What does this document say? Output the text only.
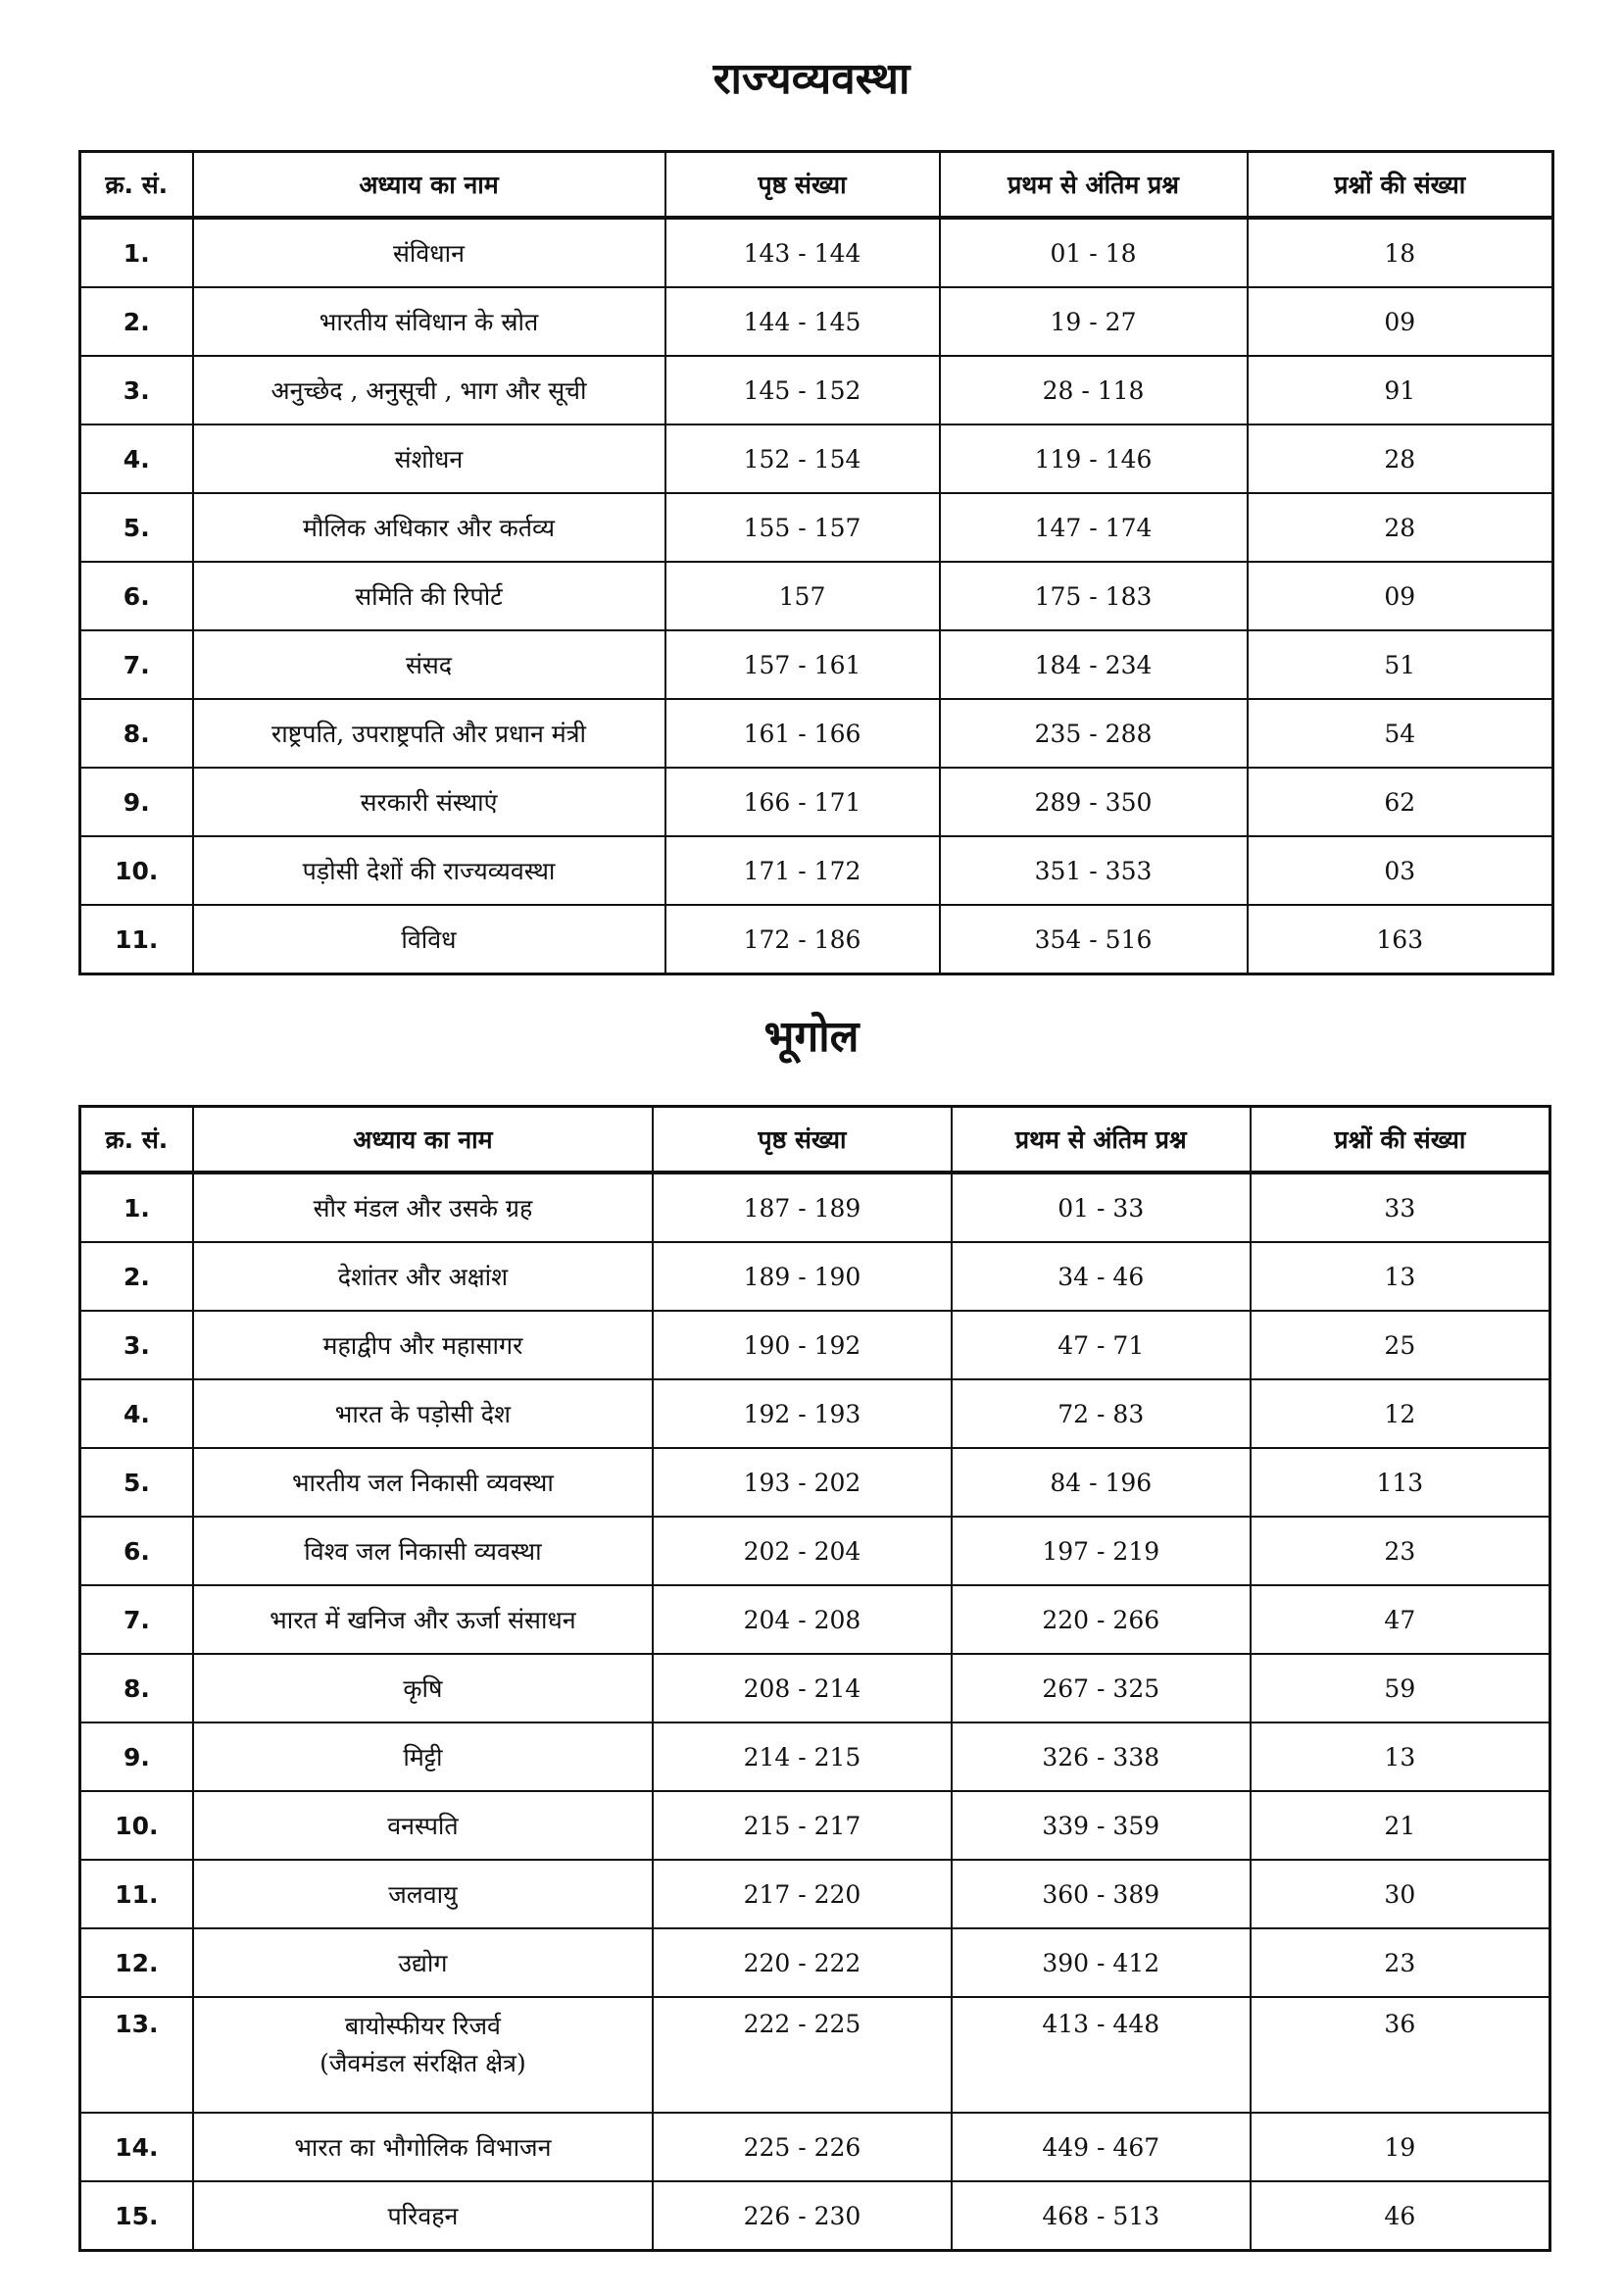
राज्यव्यवस्था
क्र. सं.	अध्याय का नाम	पृष्ठ संख्या	प्रथम से अंतिम प्रश्न	प्रश्नों की संख्या
1.	संविधान	143 - 144	01 - 18	18
2.	भारतीय संविधान के स्रोत	144 - 145	19 - 27	09
3.	अनुच्छेद , अनुसूची , भाग और सूची	145 - 152	28 - 118	91
4.	संशोधन	152 - 154	119 - 146	28
5.	मौलिक अधिकार और कर्तव्य	155 - 157	147 - 174	28
6.	समिति की रिपोर्ट	157	175 - 183	09
7.	संसद	157 - 161	184 - 234	51
8.	राष्ट्रपति, उपराष्ट्रपति और प्रधान मंत्री	161 - 166	235 - 288	54
9.	सरकारी संस्थाएं	166 - 171	289 - 350	62
10.	पड़ोसी देशों की राज्यव्यवस्था	171 - 172	351 - 353	03
11.	विविध	172 - 186	354 - 516	163
भूगोल
क्र. सं.	अध्याय का नाम	पृष्ठ संख्या	प्रथम से अंतिम प्रश्न	प्रश्नों की संख्या
1.	सौर मंडल और उसके ग्रह	187 - 189	01 - 33	33
2.	देशांतर और अक्षांश	189 - 190	34 - 46	13
3.	महाद्वीप और महासागर	190 - 192	47 - 71	25
4.	भारत के पड़ोसी देश	192 - 193	72 - 83	12
5.	भारतीय जल निकासी व्यवस्था	193 - 202	84 - 196	113
6.	विश्व जल निकासी व्यवस्था	202 - 204	197 - 219	23
7.	भारत में खनिज और ऊर्जा संसाधन	204 - 208	220 - 266	47
8.	कृषि	208 - 214	267 - 325	59
9.	मिट्टी	214 - 215	326 - 338	13
10.	वनस्पति	215 - 217	339 - 359	21
11.	जलवायु	217 - 220	360 - 389	30
12.	उद्योग	220 - 222	390 - 412	23
13.	बायोस्फीयर रिजर्व
(जैवमंडल संरक्षित क्षेत्र)	222 - 225	413 - 448	36
14.	भारत का भौगोलिक विभाजन	225 - 226	449 - 467	19
15.	परिवहन	226 - 230	468 - 513	46
